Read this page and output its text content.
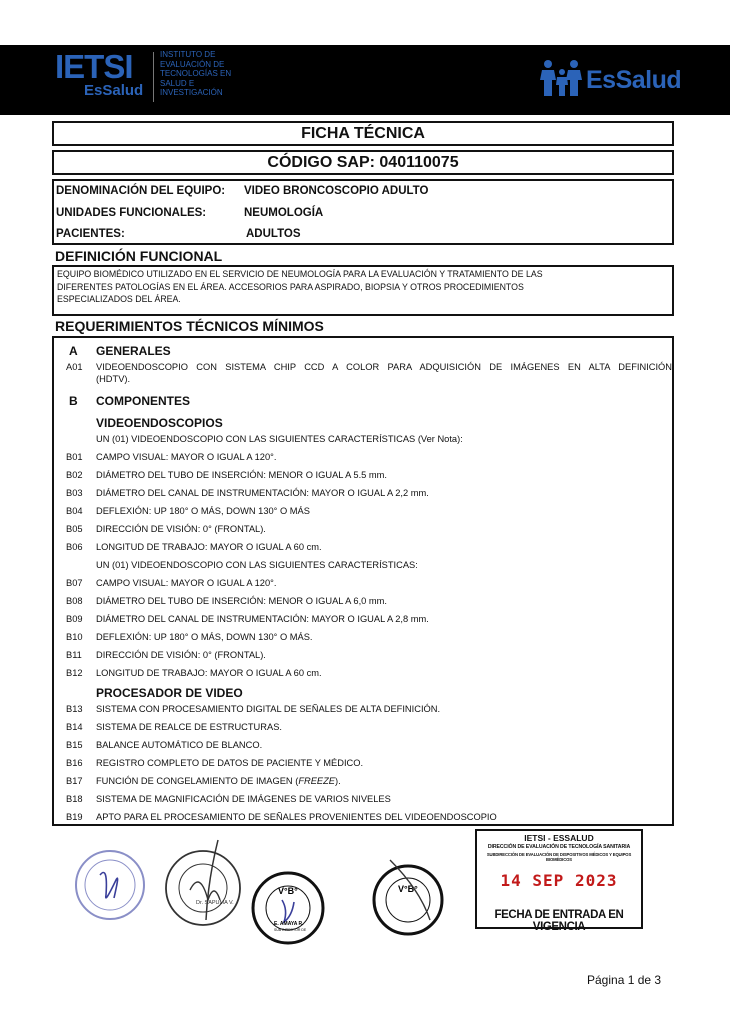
IETSI
EsSalud
INSTITUTO DE
EVALUACIÓN DE
TECNOLOGÍAS EN
SALUD E
INVESTIGACIÓN	EsSalud
FICHA TÉCNICA
CÓDIGO SAP: 040110075
DENOMINACIÓN DEL EQUIPO: VIDEO BRONCOSCOPIO ADULTO
UNIDADES FUNCIONALES:	NEUMOLOGÍA
PACIENTES:	ADULTOS
DEFINICIÓN FUNCIONAL
EQUIPO BIOMÉDICO UTILIZADO EN EL SERVICIO DE NEUMOLOGÍA PARA LA EVALUACIÓN Y TRATAMIENTO DE LAS
DIFERENTES PATOLOGÍAS EN EL ÁREA. ACCESORIOS PARA ASPIRADO, BIOPSIA Y OTROS PROCEDIMIENTOS
ESPECIALIZADOS DEL ÁREA.
REQUERIMIENTOS TÉCNICOS MÍNIMOS
A GENERALES
A01 VIDEOENDOSCOPIO CON SISTEMA CHIP CCD A COLOR PARA ADQUISICIÓN DE IMÁGENES EN ALTA DEFINICIÓN
(HDTV).
B COMPONENTES
VIDEOENDOSCOPIOS
UN (01) VIDEOENDOSCOPIO CON LAS SIGUIENTES CARACTERÍSTICAS (Ver Nota):
B01 CAMPO VISUAL: MAYOR O IGUAL A 120°.
B02 DIÁMETRO DEL TUBO DE INSERCIÓN: MENOR O IGUAL A 5.5 mm.
B03 DIÁMETRO DEL CANAL DE INSTRUMENTACIÓN: MAYOR O IGUAL A 2,2 mm.
B04 DEFLEXIÓN: UP 180° O MÁS, DOWN 130° O MÁS
B05 DIRECCIÓN DE VISIÓN: 0° (FRONTAL).
B06 LONGITUD DE TRABAJO: MAYOR O IGUAL A 60 cm.
UN (01) VIDEOENDOSCOPIO CON LAS SIGUIENTES CARACTERÍSTICAS:
B07 CAMPO VISUAL: MAYOR O IGUAL A 120°.
B08 DIÁMETRO DEL TUBO DE INSERCIÓN: MENOR O IGUAL A 6,0 mm.
B09 DIÁMETRO DEL CANAL DE INSTRUMENTACIÓN: MAYOR O IGUAL A 2,8 mm.
B10 DEFLEXIÓN: UP 180° O MÁS, DOWN 130° O MÁS.
B11 DIRECCIÓN DE VISIÓN: 0° (FRONTAL).
B12 LONGITUD DE TRABAJO: MAYOR O IGUAL A 60 cm.
PROCESADOR DE VIDEO
B13 SISTEMA CON PROCESAMIENTO DIGITAL DE SEÑALES DE ALTA DEFINICIÓN.
B14 SISTEMA DE REALCE DE ESTRUCTURAS.
B15 BALANCE AUTOMÁTICO DE BLANCO.
B16 REGISTRO COMPLETO DE DATOS DE PACIENTE Y MÉDICO.
B17 FUNCIÓN DE CONGELAMIENTO DE IMAGEN (FREEZE).
B18 SISTEMA DE MAGNIFICACIÓN DE IMÁGENES DE VARIOS NIVELES
B19 APTO PARA EL PROCESAMIENTO DE SEÑALES PROVENIENTES DEL VIDEOENDOSCOPIO
IETSI - ESSALUD
DIRECCIÓN DE EVALUACIÓN DE TECNOLOGÍA SANITARIA
SUBDIRECCIÓN DE EVALUACIÓN DE DISPOSITIVOS MÉDICOS Y EQUIPOS BIOMÉDICOS
14 SEP 2023
FECHA DE ENTRADA EN VIGENCIA
Dr. SAPUMA V.
V°B°
E. AMAYA R.
SUB DIRECTOR DE
V°B°
Página 1 de 3
